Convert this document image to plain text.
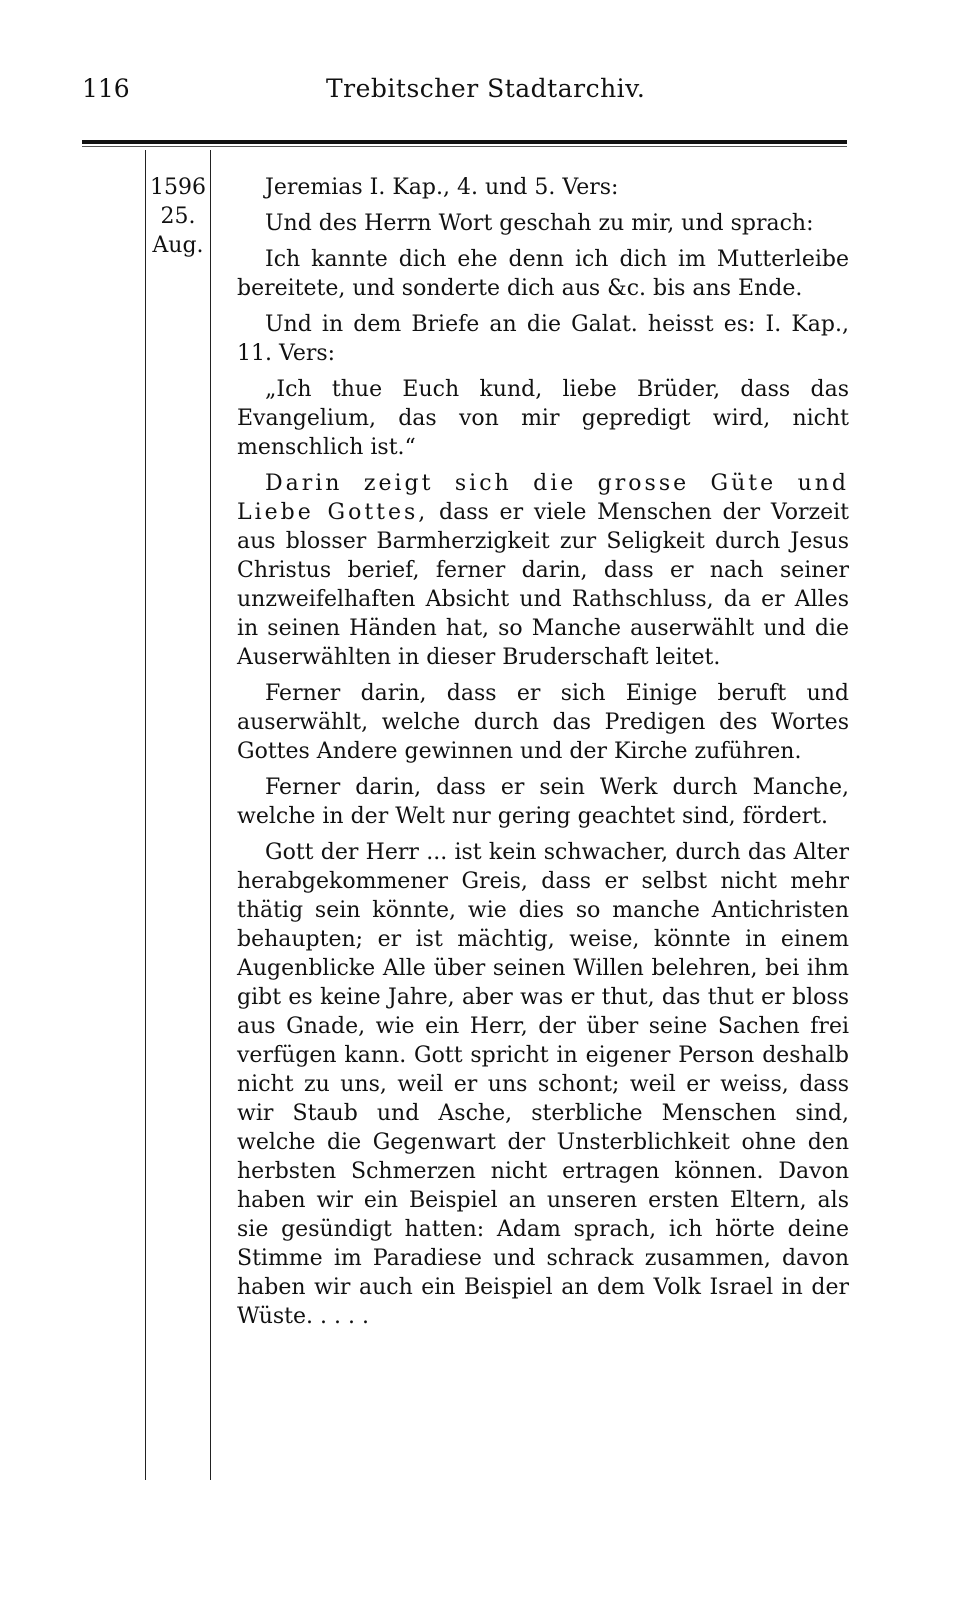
116	Trebitscher Stadtarchiv.
1596
25.
Aug.

Jeremias I. Kap., 4. und 5. Vers:

Und des Herrn Wort geschah zu mir, und sprach:

Ich kannte dich ehe denn ich dich im Mutterleibe bereitete, und sonderte dich aus &c. bis ans Ende.

Und in dem Briefe an die Galat. heisst es: I. Kap., 11. Vers:

„Ich thue Euch kund, liebe Brüder, dass das Evangelium, das von mir gepredigt wird, nicht menschlich ist.“

Darin zeigt sich die grosse Güte und Liebe Gottes, dass er viele Menschen der Vorzeit aus blosser Barmherzigkeit zur Seligkeit durch Jesus Christus berief, ferner darin, dass er nach seiner unzweifelhaften Absicht und Rathschluss, da er Alles in seinen Händen hat, so Manche auserwählt und die Auserwählten in dieser Bruderschaft leitet.

Ferner darin, dass er sich Einige beruft und auserwählt, welche durch das Predigen des Wortes Gottes Andere gewinnen und der Kirche zuführen.

Ferner darin, dass er sein Werk durch Manche, welche in der Welt nur gering geachtet sind, fördert.

Gott der Herr ... ist kein schwacher, durch das Alter herabgekommener Greis, dass er selbst nicht mehr thätig sein könnte, wie dies so manche Antichristen behaupten; er ist mächtig, weise, könnte in einem Augenblicke Alle über seinen Willen belehren, bei ihm gibt es keine Jahre, aber was er thut, das thut er bloss aus Gnade, wie ein Herr, der über seine Sachen frei verfügen kann. Gott spricht in eigener Person deshalb nicht zu uns, weil er uns schont; weil er weiss, dass wir Staub und Asche, sterbliche Menschen sind, welche die Gegenwart der Unsterblichkeit ohne den herbsten Schmerzen nicht ertragen können. Davon haben wir ein Beispiel an unseren ersten Eltern, als sie gesündigt hatten: Adam sprach, ich hörte deine Stimme im Paradiese und schrack zusammen, davon haben wir auch ein Beispiel an dem Volk Israel in der Wüste. . . . .
